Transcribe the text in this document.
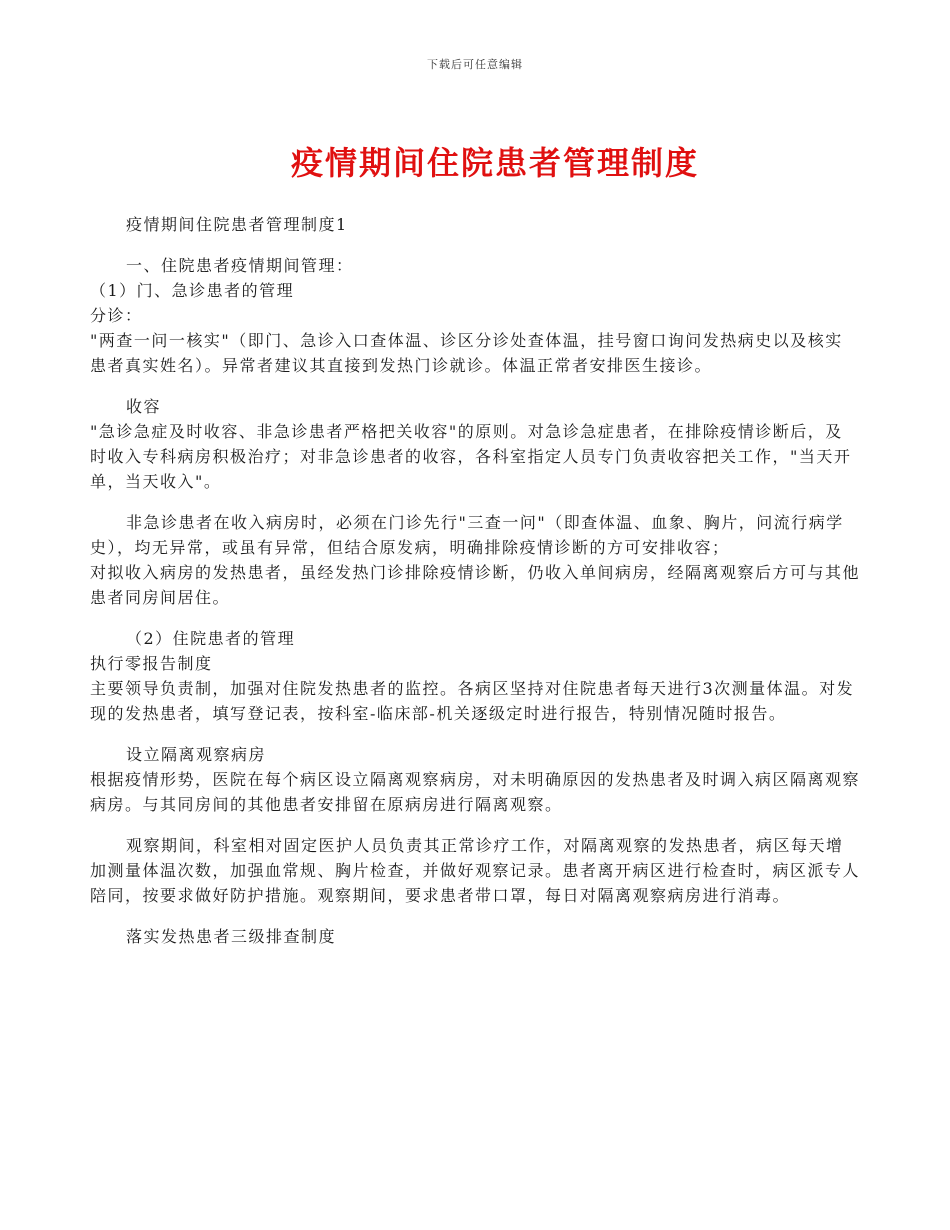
下载后可任意编辑
疫情期间住院患者管理制度

疫情期间住院患者管理制度1

一、住院患者疫情期间管理：

（1）门、急诊患者的管理

分诊：

"两查一问一核实"（即门、急诊入口查体温、诊区分诊处查体温，挂号窗口询问发热病史以及核实患者真实姓名）。异常者建议其直接到发热门诊就诊。体温正常者安排医生接诊。

收容

"急诊急症及时收容、非急诊患者严格把关收容"的原则。对急诊急症患者，在排除疫情诊断后，及时收入专科病房积极治疗；对非急诊患者的收容，各科室指定人员专门负责收容把关工作，"当天开单，当天收入"。

非急诊患者在收入病房时，必须在门诊先行"三查一问"（即查体温、血象、胸片，问流行病学史），均无异常，或虽有异常，但结合原发病，明确排除疫情诊断的方可安排收容；

对拟收入病房的发热患者，虽经发热门诊排除疫情诊断，仍收入单间病房，经隔离观察后方可与其他患者同房间居住。

（2）住院患者的管理

执行零报告制度

主要领导负责制，加强对住院发热患者的监控。各病区坚持对住院患者每天进行3次测量体温。对发现的发热患者，填写登记表，按科室-临床部-机关逐级定时进行报告，特别情况随时报告。

设立隔离观察病房

根据疫情形势，医院在每个病区设立隔离观察病房，对未明确原因的发热患者及时调入病区隔离观察病房。与其同房间的其他患者安排留在原病房进行隔离观察。

观察期间，科室相对固定医护人员负责其正常诊疗工作，对隔离观察的发热患者，病区每天增加测量体温次数，加强血常规、胸片检查，并做好观察记录。患者离开病区进行检查时，病区派专人陪同，按要求做好防护措施。观察期间，要求患者带口罩，每日对隔离观察病房进行消毒。

落实发热患者三级排查制度
